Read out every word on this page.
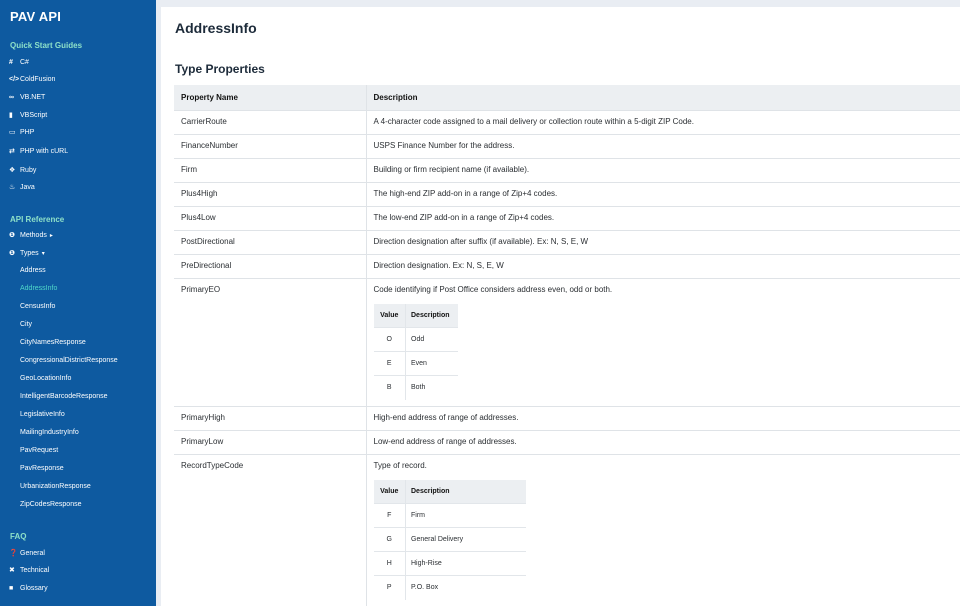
PAV API
Quick Start Guides
#	C#
</> ColdFusion
∞ VB.NET
▮	VBScript
▭ PHP
⇄ PHP with cURL
❖ Ruby
♨ Java
API Reference
❶ Methods ▸
❶ Types ▾
Address
AddressInfo
CensusInfo
City
CityNamesResponse
CongressionalDistrictResponse
GeoLocationInfo
IntelligentBarcodeResponse
LegislativeInfo
MailingIndustryInfo
PavRequest
PavResponse
UrbanizationResponse
ZipCodesResponse
FAQ
❓ General
✖ Technical
■ Glossary
AddressInfo
Type Properties
Property Name	Description
CarrierRoute	A 4-character code assigned to a mail delivery or collection route within a 5-digit ZIP Code.
FinanceNumber	USPS Finance Number for the address.
Firm	Building or firm recipient name (if available).
Plus4High	The high-end ZIP add-on in a range of Zip+4 codes.
Plus4Low	The low-end ZIP add-on in a range of Zip+4 codes.
PostDirectional	Direction designation after suffix (if available). Ex: N, S, E, W
PreDirectional	Direction designation. Ex: N, S, E, W
PrimaryEO	Code identifying if Post Office considers address even, odd or both.
Value	Description
O	Odd
E	Even
B	Both

PrimaryHigh	High-end address of range of addresses.
PrimaryLow	Low-end address of range of addresses.
RecordTypeCode	Type of record.
Value	Description
F	Firm
G	General Delivery
H	High-Rise
P	P.O. Box
